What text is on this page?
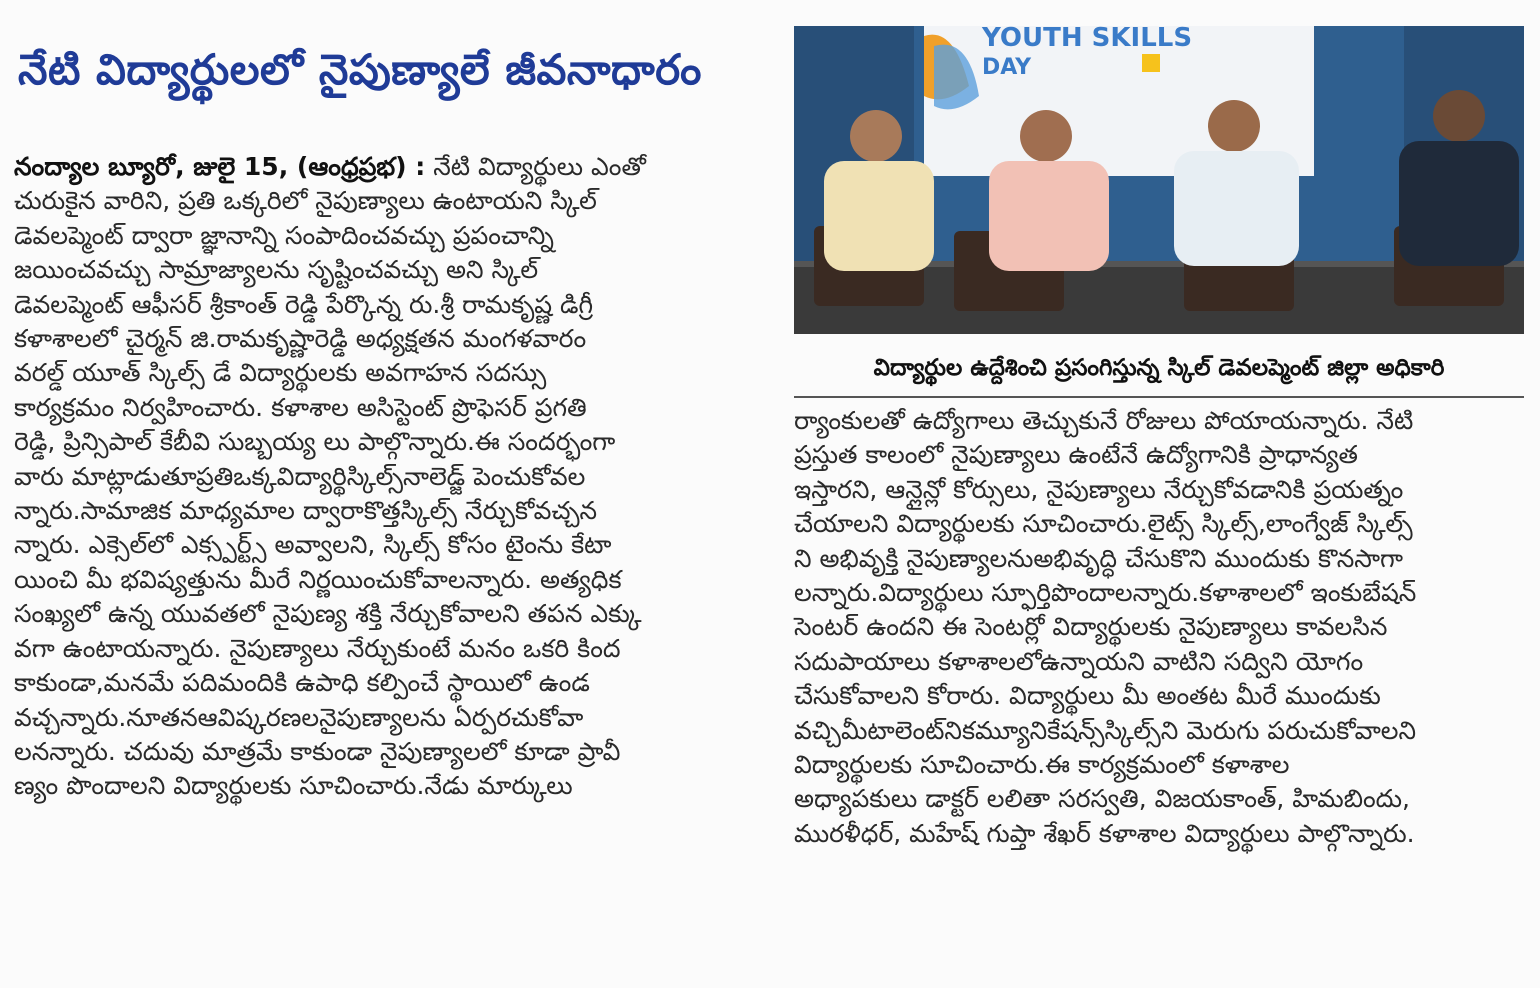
నేటి విద్యార్థులలో నైపుణ్యాలే జీవనాధారం

నంద్యాల బ్యూరో, జులై 15, (ఆంధ్రప్రభ) : నేటి విద్యార్థులు ఎంతో

చురుకైన వారిని, ప్రతి ఒక్కరిలో నైపుణ్యాలు ఉంటాయని స్కిల్

డెవలప్మెంట్ ద్వారా జ్ఞానాన్ని సంపాదించవచ్చు ప్రపంచాన్ని

జయించవచ్చు సామ్రాజ్యాలను సృష్టించవచ్చు అని స్కిల్

డెవలప్మెంట్ ఆఫీసర్ శ్రీకాంత్ రెడ్డి పేర్కొన్న రు.శ్రీ రామకృష్ణ డిగ్రీ

కళాశాలలో చైర్మన్ జి.రామకృష్ణారెడ్డి అధ్యక్షతన మంగళవారం

వరల్డ్ యూత్ స్కిల్స్ డే విద్యార్థులకు అవగాహన సదస్సు

కార్యక్రమం నిర్వహించారు. కళాశాల అసిస్టెంట్ ప్రొఫెసర్ ప్రగతి

రెడ్డి, ప్రిన్సిపాల్ కేబీవి సుబ్బయ్య లు పాల్గొన్నారు.ఈ సందర్భంగా

వారు మాట్లాడుతూప్రతిఒక్కవిద్యార్థిస్కిల్స్‌నాలెడ్జ్ పెంచుకోవల

న్నారు.సామాజిక మాధ్యమాల ద్వారాకొత్తస్కిల్స్ నేర్చుకోవచ్చన

న్నారు. ఎక్సెల్‌లో ఎక్స్పర్ట్స్ అవ్వాలని, స్కిల్స్ కోసం టైంను కేటా

యించి మీ భవిష్యత్తును మీరే నిర్ణయించుకోవాలన్నారు. అత్యధిక

సంఖ్యలో ఉన్న యువతలో నైపుణ్య శక్తి నేర్చుకోవాలని తపన ఎక్కు

వగా ఉంటాయన్నారు. నైపుణ్యాలు నేర్చుకుంటే మనం ఒకరి కింద

కాకుండా,మనమే పదిమందికి ఉపాధి కల్పించే స్థాయిలో ఉండ

వచ్చన్నారు.నూతనఆవిష్కరణలనైపుణ్యాలను ఏర్పరచుకోవా

లనన్నారు. చదువు మాత్రమే కాకుండా నైపుణ్యాలలో కూడా ప్రావీ

ణ్యం పొందాలని విద్యార్థులకు సూచించారు.నేడు మార్కులు

YOUTH SKILLS
DAY
విద్యార్థుల ఉద్దేశించి ప్రసంగిస్తున్న స్కిల్ డెవలప్మెంట్ జిల్లా అధికారి

ర్యాంకులతో ఉద్యోగాలు తెచ్చుకునే రోజులు పోయాయన్నారు. నేటి

ప్రస్తుత కాలంలో నైపుణ్యాలు ఉంటేనే ఉద్యోగానికి ప్రాధాన్యత

ఇస్తారని, ఆన్లైన్లో కోర్సులు, నైపుణ్యాలు నేర్చుకోవడానికి ప్రయత్నం

చేయాలని విద్యార్థులకు సూచించారు.లైట్స్ స్కిల్స్,లాంగ్వేజ్ స్కిల్స్

ని అభివృక్తి నైపుణ్యాలనుఅభివృద్ధి చేసుకొని ముందుకు కొనసాగా

లన్నారు.విద్యార్థులు స్ఫూర్తిపొందాలన్నారు.కళాశాలలో ఇంకుబేషన్

సెంటర్ ఉందని ఈ సెంటర్లో విద్యార్థులకు నైపుణ్యాలు కావలసిన

సదుపాయాలు కళాశాలలోఉన్నాయని వాటిని సద్విని యోగం

చేసుకోవాలని కోరారు. విద్యార్థులు మీ అంతట మీరే ముందుకు

వచ్చిమీటాలెంట్‌నికమ్యూనికేషన్స్‌స్కిల్స్‌ని మెరుగు పరుచుకోవాలని

విద్యార్థులకు సూచించారు.ఈ కార్యక్రమంలో కళాశాల

అధ్యాపకులు డాక్టర్ లలితా సరస్వతి, విజయకాంత్, హిమబిందు,

మురళీధర్, మహేష్ గుప్తా శేఖర్ కళాశాల విద్యార్థులు పాల్గొన్నారు.
